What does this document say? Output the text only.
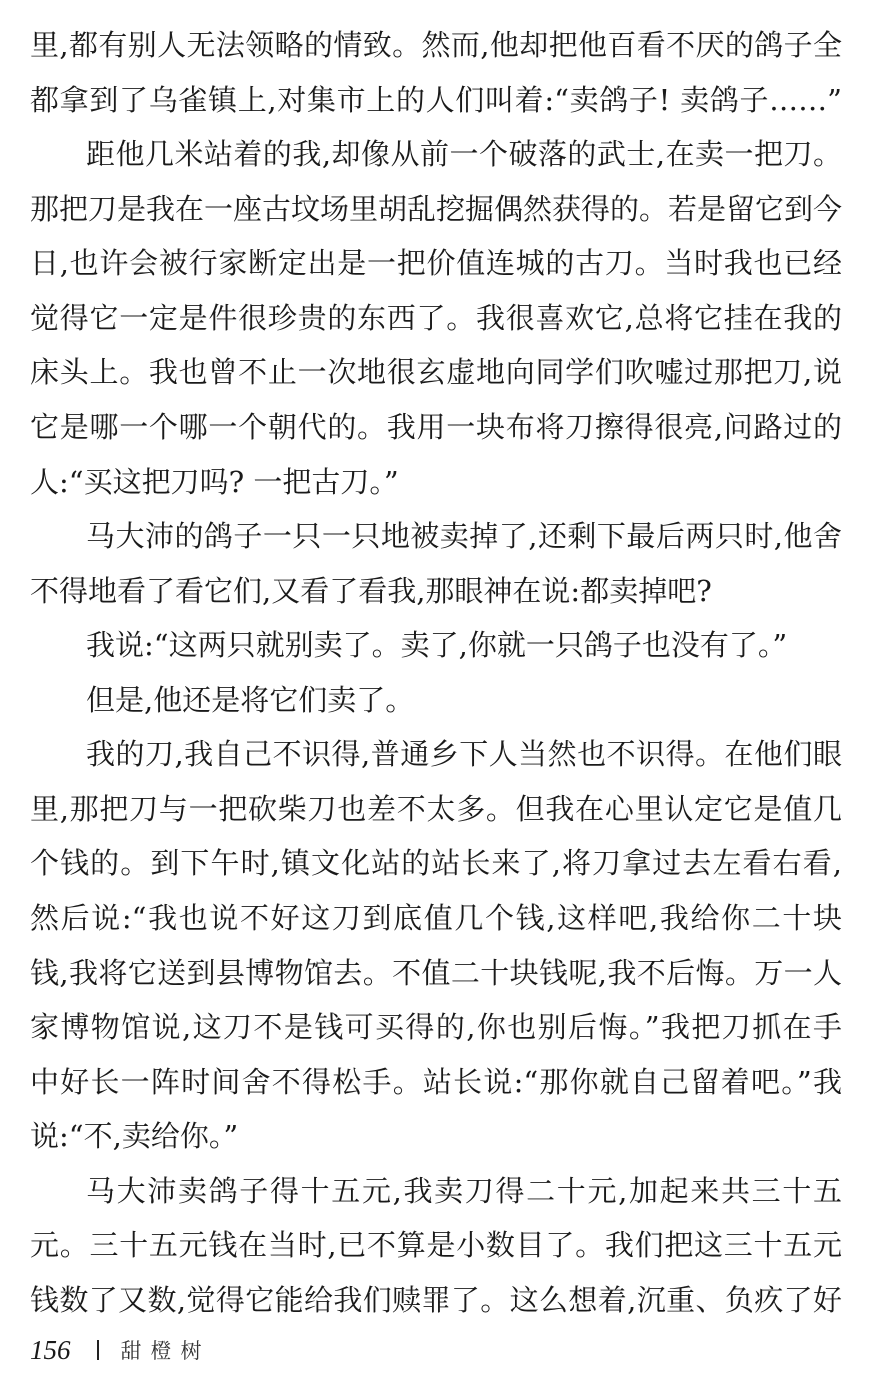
里,都有别人无法领略的情致。然而,他却把他百看不厌的鸽子全
都拿到了乌雀镇上,对集市上的人们叫着:“卖鸽子! 卖鸽子……”
距他几米站着的我,却像从前一个破落的武士,在卖一把刀。
那把刀是我在一座古坟场里胡乱挖掘偶然获得的。若是留它到今
日,也许会被行家断定出是一把价值连城的古刀。当时我也已经
觉得它一定是件很珍贵的东西了。我很喜欢它,总将它挂在我的
床头上。我也曾不止一次地很玄虚地向同学们吹嘘过那把刀,说
它是哪一个哪一个朝代的。我用一块布将刀擦得很亮,问路过的
人:“买这把刀吗? 一把古刀。”
马大沛的鸽子一只一只地被卖掉了,还剩下最后两只时,他舍
不得地看了看它们,又看了看我,那眼神在说:都卖掉吧?
我说:“这两只就别卖了。卖了,你就一只鸽子也没有了。”
但是,他还是将它们卖了。
我的刀,我自己不识得,普通乡下人当然也不识得。在他们眼
里,那把刀与一把砍柴刀也差不太多。但我在心里认定它是值几
个钱的。到下午时,镇文化站的站长来了,将刀拿过去左看右看,
然后说:“我也说不好这刀到底值几个钱,这样吧,我给你二十块
钱,我将它送到县博物馆去。不值二十块钱呢,我不后悔。万一人
家博物馆说,这刀不是钱可买得的,你也别后悔。”我把刀抓在手
中好长一阵时间舍不得松手。站长说:“那你就自己留着吧。”我
说:“不,卖给你。”
马大沛卖鸽子得十五元,我卖刀得二十元,加起来共三十五
元。三十五元钱在当时,已不算是小数目了。我们把这三十五元
钱数了又数,觉得它能给我们赎罪了。这么想着,沉重、负疚了好
156 甜橙树
